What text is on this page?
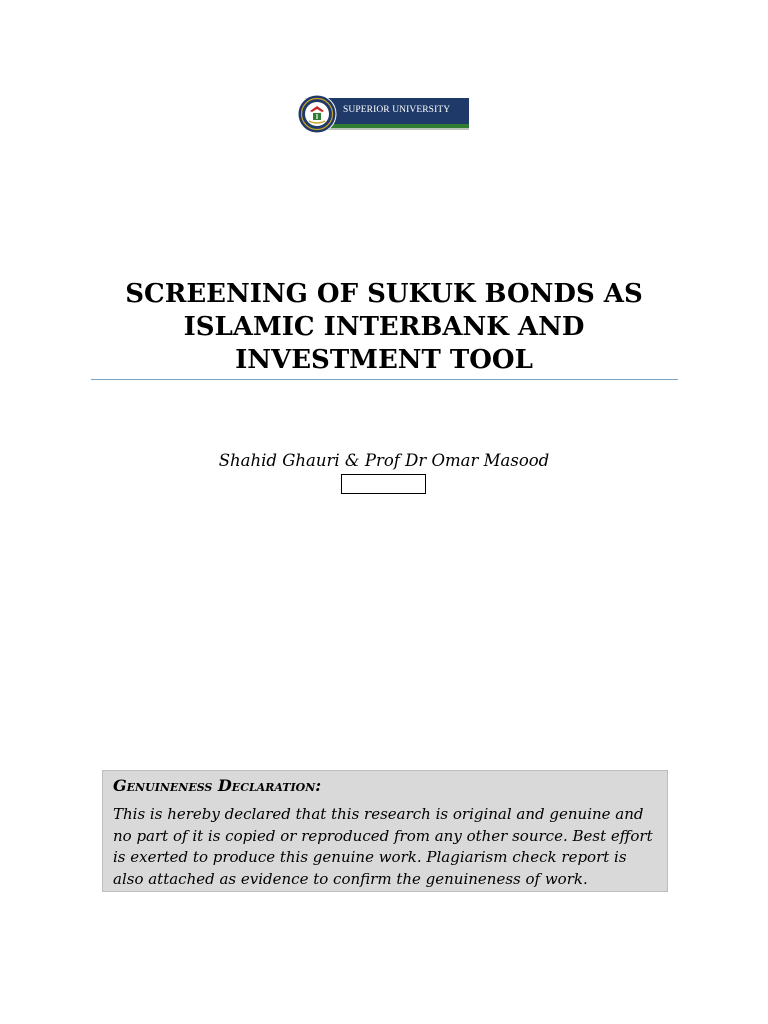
SUPERIOR UNIVERSITY
SCREENING OF SUKUK BONDS AS ISLAMIC INTERBANK AND INVESTMENT TOOL
Shahid Ghauri & Prof Dr Omar Masood

Genuineness Declaration:

This is hereby declared that this research is original and genuine and no part of it is copied or reproduced from any other source. Best effort is exerted to produce this genuine work. Plagiarism check report is also attached as evidence to confirm the genuineness of work.
